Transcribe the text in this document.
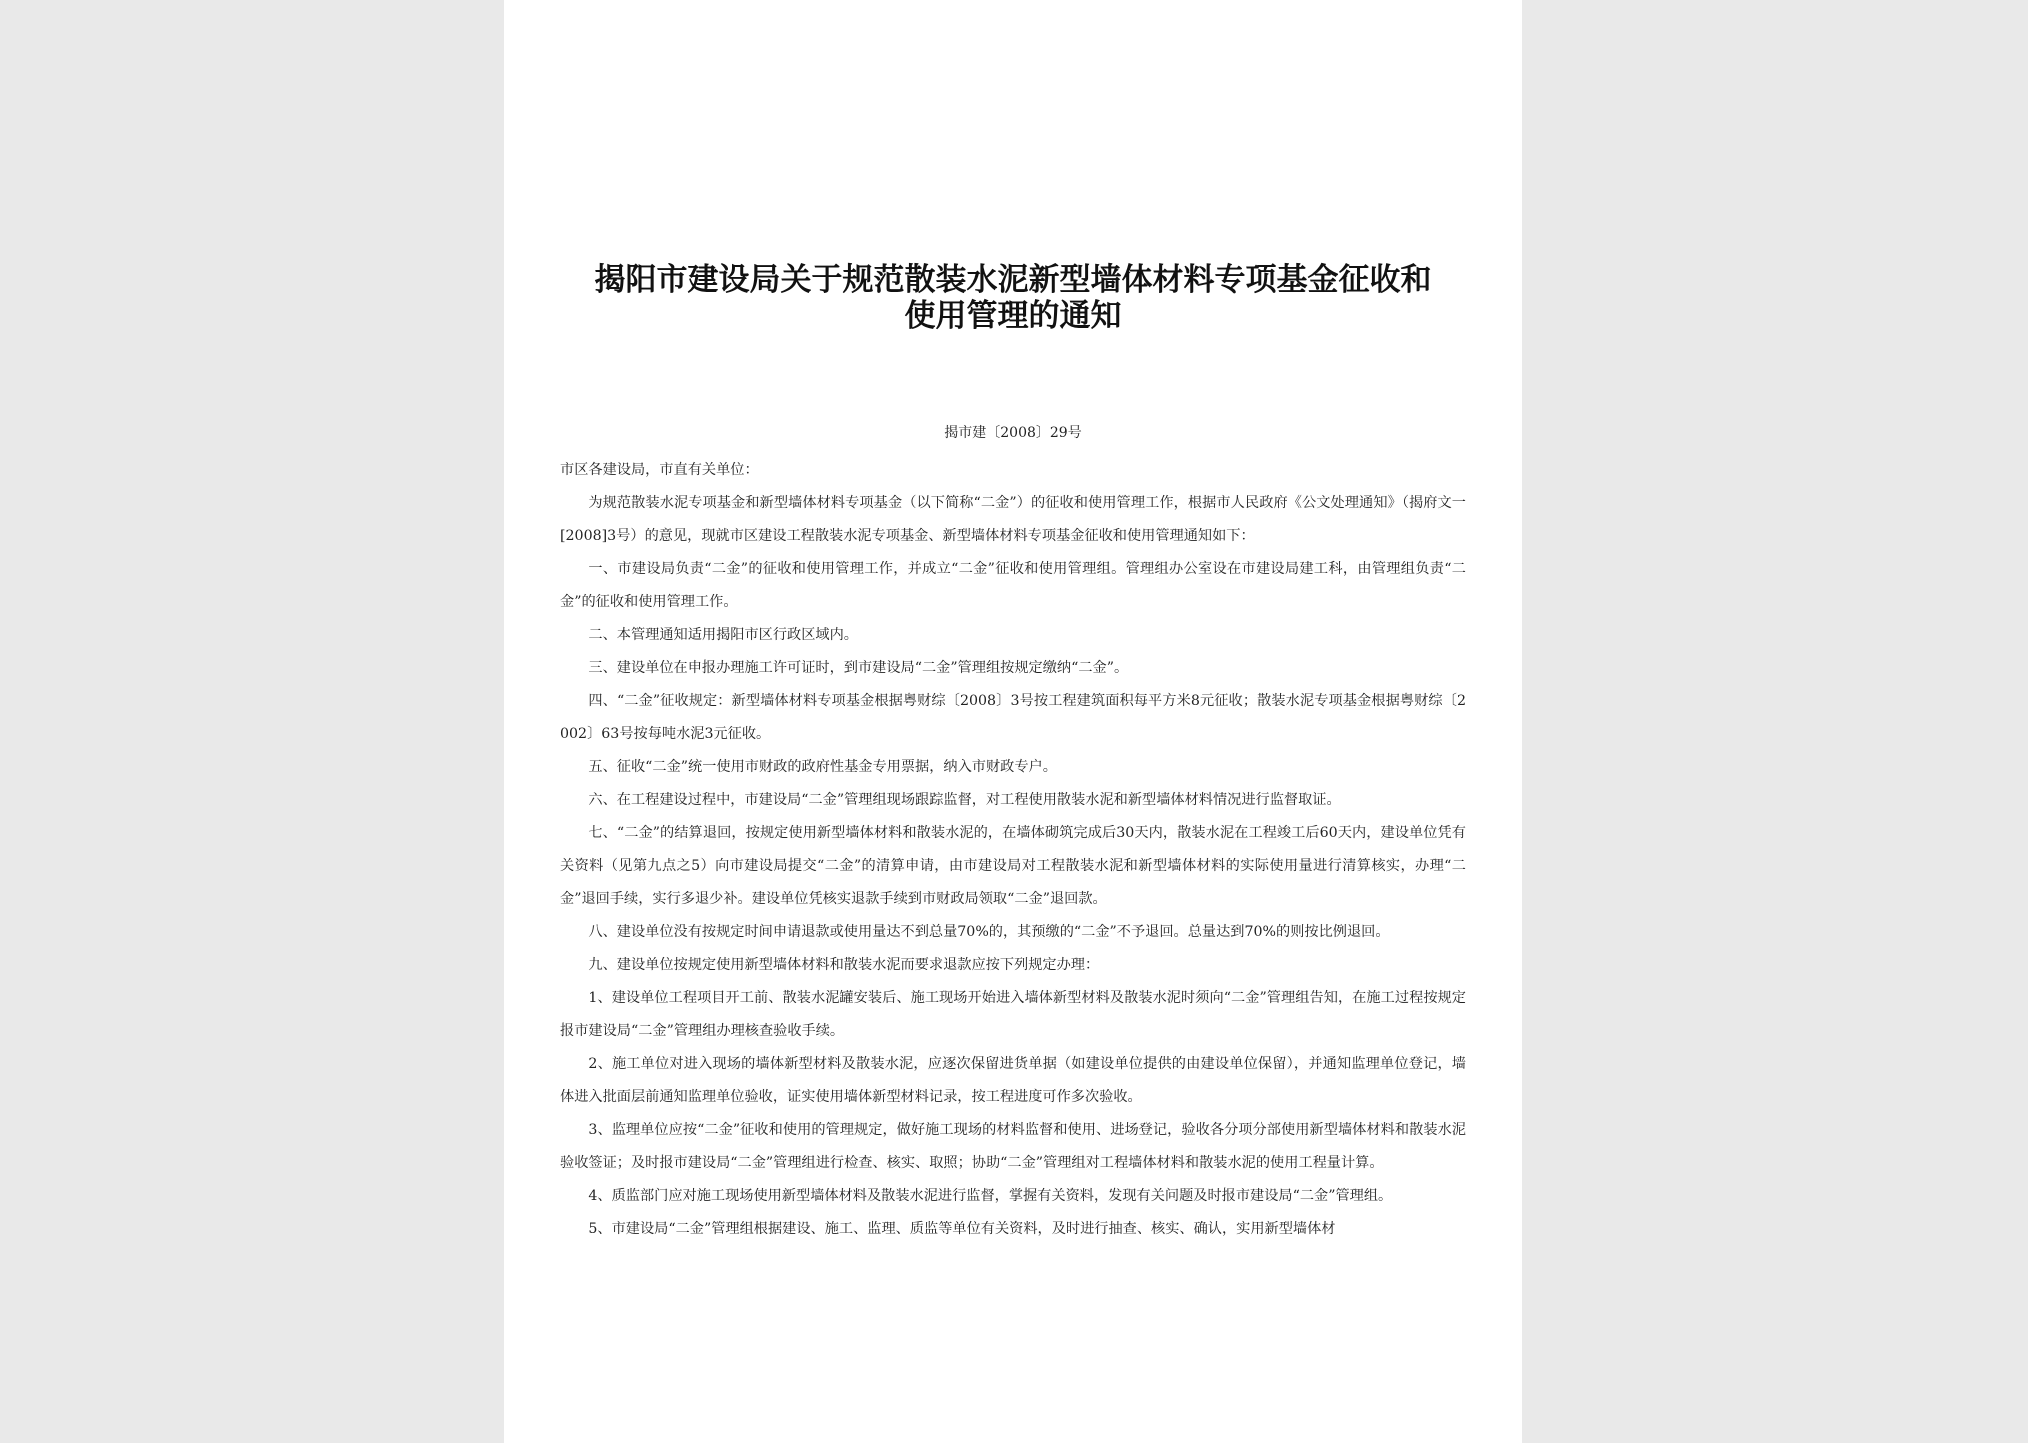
揭阳市建设局关于规范散装水泥新型墙体材料专项基金征收和使用管理的通知
揭市建〔2008〕29号

市区各建设局，市直有关单位：

为规范散装水泥专项基金和新型墙体材料专项基金（以下简称“二金”）的征收和使用管理工作，根据市人民政府《公文处理通知》（揭府文一[2008]3号）的意见，现就市区建设工程散装水泥专项基金、新型墙体材料专项基金征收和使用管理通知如下：

一、市建设局负责“二金”的征收和使用管理工作，并成立“二金”征收和使用管理组。管理组办公室设在市建设局建工科，由管理组负责“二金”的征收和使用管理工作。

二、本管理通知适用揭阳市区行政区域内。

三、建设单位在申报办理施工许可证时，到市建设局“二金”管理组按规定缴纳“二金”。

四、“二金”征收规定：新型墙体材料专项基金根据粤财综〔2008〕3号按工程建筑面积每平方米8元征收；散装水泥专项基金根据粤财综〔2002〕63号按每吨水泥3元征收。

五、征收“二金”统一使用市财政的政府性基金专用票据，纳入市财政专户。

六、在工程建设过程中，市建设局“二金”管理组现场跟踪监督，对工程使用散装水泥和新型墙体材料情况进行监督取证。

七、“二金”的结算退回，按规定使用新型墙体材料和散装水泥的，在墙体砌筑完成后30天内，散装水泥在工程竣工后60天内，建设单位凭有关资料（见第九点之5）向市建设局提交“二金”的清算申请，由市建设局对工程散装水泥和新型墙体材料的实际使用量进行清算核实，办理“二金”退回手续，实行多退少补。建设单位凭核实退款手续到市财政局领取“二金”退回款。

八、建设单位没有按规定时间申请退款或使用量达不到总量70%的，其预缴的“二金”不予退回。总量达到70%的则按比例退回。

九、建设单位按规定使用新型墙体材料和散装水泥而要求退款应按下列规定办理：

1、建设单位工程项目开工前、散装水泥罐安装后、施工现场开始进入墙体新型材料及散装水泥时须向“二金”管理组告知，在施工过程按规定报市建设局“二金”管理组办理核查验收手续。

2、施工单位对进入现场的墙体新型材料及散装水泥，应逐次保留进货单据（如建设单位提供的由建设单位保留），并通知监理单位登记，墙体进入批面层前通知监理单位验收，证实使用墙体新型材料记录，按工程进度可作多次验收。

3、监理单位应按“二金”征收和使用的管理规定，做好施工现场的材料监督和使用、进场登记，验收各分项分部使用新型墙体材料和散装水泥验收签证；及时报市建设局“二金”管理组进行检查、核实、取照；协助“二金”管理组对工程墙体材料和散装水泥的使用工程量计算。

4、质监部门应对施工现场使用新型墙体材料及散装水泥进行监督，掌握有关资料，发现有关问题及时报市建设局“二金”管理组。

5、市建设局“二金”管理组根据建设、施工、监理、质监等单位有关资料，及时进行抽查、核实、确认，实用新型墙体材
